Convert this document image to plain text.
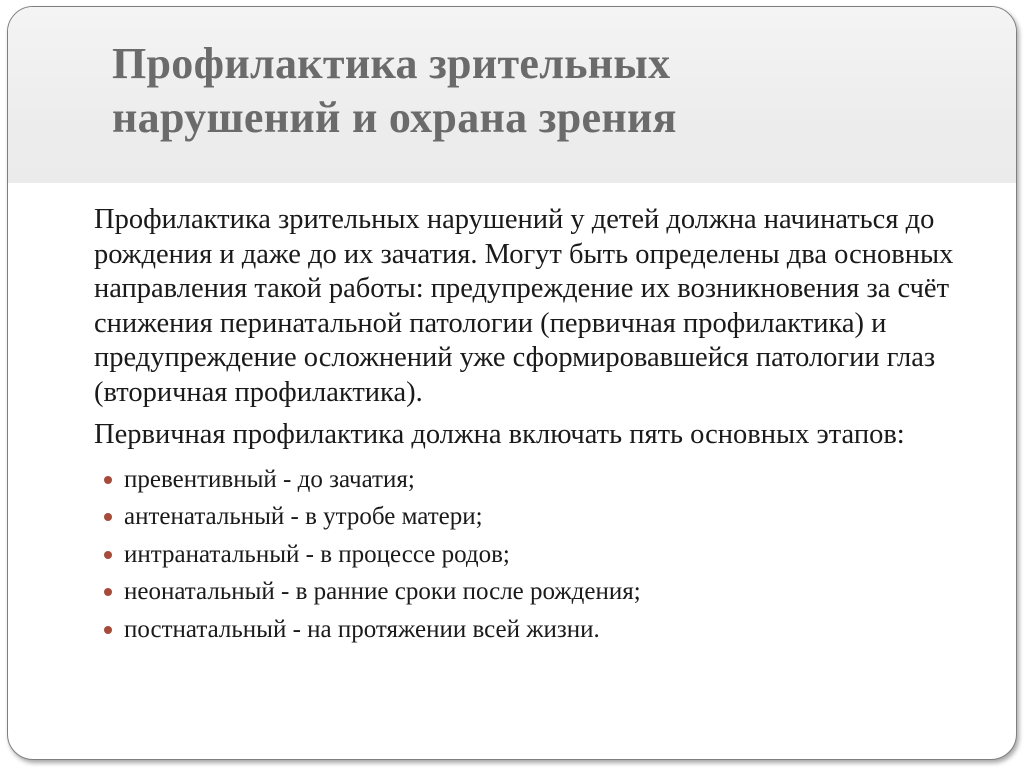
Профилактика зрительных
нарушений и охрана зрения

Профилактика зрительных нарушений у детей должна начинаться до рождения и даже до их зачатия. Могут быть определены два основных направления такой работы: предупреждение их возникновения за счёт снижения перинатальной патологии (первичная профилактика) и предупреждение осложнений уже сформировавшейся патологии глаз (вторичная профилактика).

Первичная профилактика должна включать пять основных этапов:

превентивный - до зачатия;
антенатальный - в утробе матери;
интранатальный - в процессе родов;
неонатальный - в ранние сроки после рождения;
постнатальный - на протяжении всей жизни.
